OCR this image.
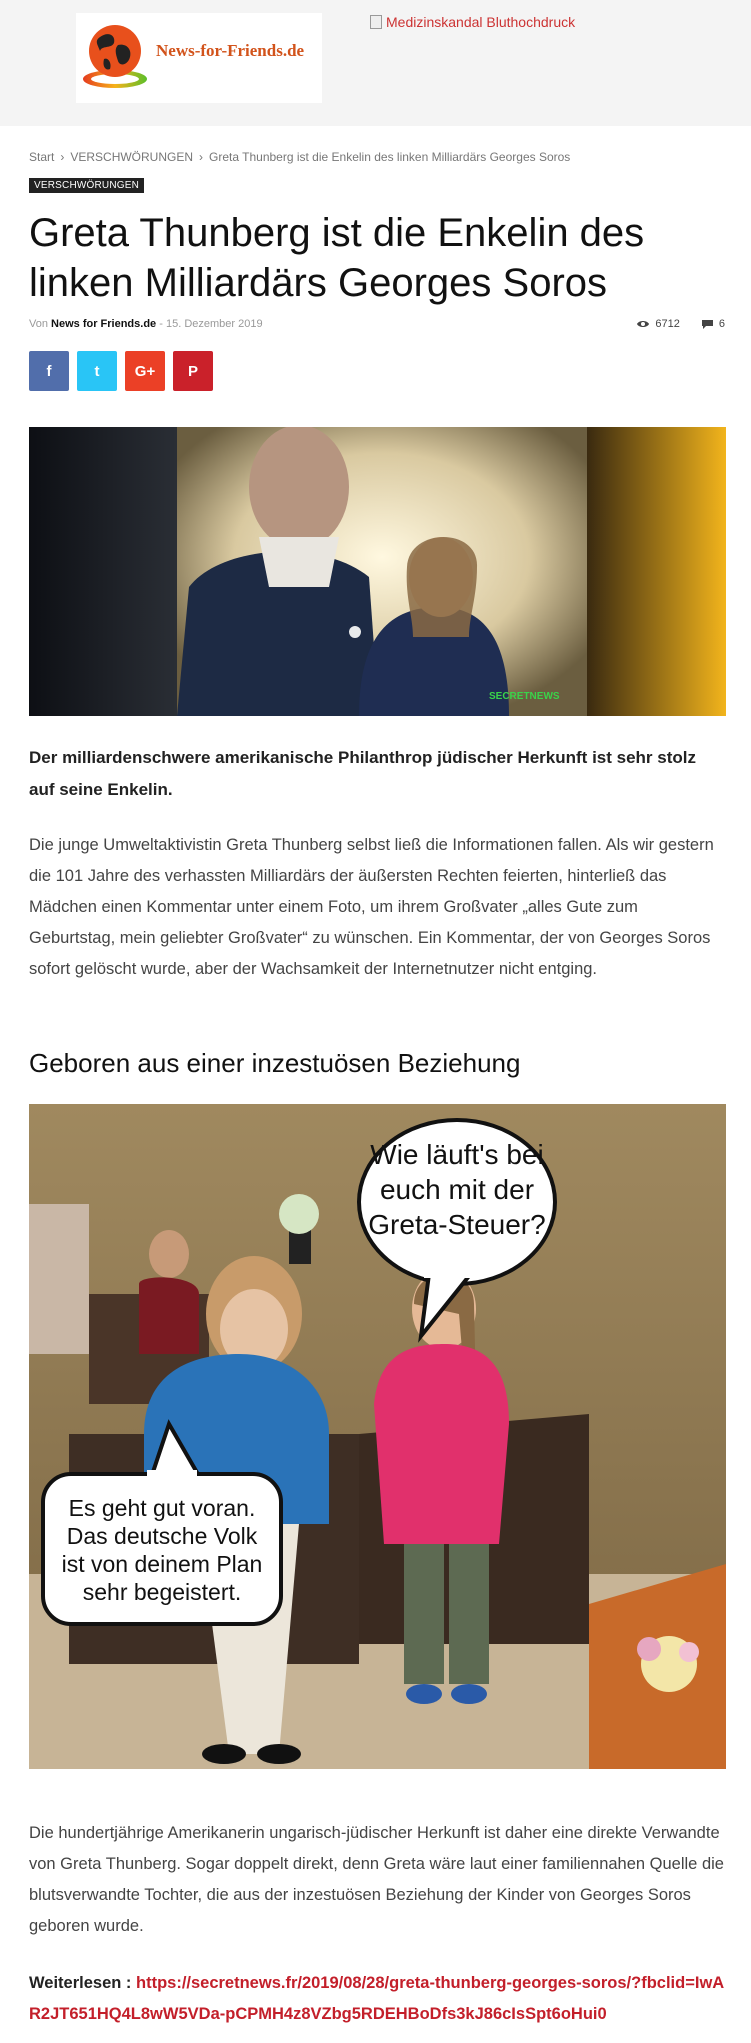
News-for-Friends.de
Medizinskandal Bluthochdruck
Start › VERSCHWÖRUNGEN › Greta Thunberg ist die Enkelin des linken Milliardärs Georges Soros
VERSCHWÖRUNGEN
Greta Thunberg ist die Enkelin des linken Milliardärs Georges Soros
Von News for Friends.de - 15. Dezember 2019	6712	6
f	t G+ P
SECRETNEWS

Der milliardenschwere amerikanische Philanthrop jüdischer Herkunft ist sehr stolz auf seine Enkelin.

Die junge Umweltaktivistin Greta Thunberg selbst ließ die Informationen fallen. Als wir gestern die 101 Jahre des verhassten Milliardärs der äußersten Rechten feierten, hinterließ das Mädchen einen Kommentar unter einem Foto, um ihrem Großvater „alles Gute zum Geburtstag, mein geliebter Großvater“ zu wünschen. Ein Kommentar, der von Georges Soros sofort gelöscht wurde, aber der Wachsamkeit der Internetnutzer nicht entging.

Geboren aus einer inzestuösen Beziehung
Wie läuft's bei
euch mit der
Greta-Steuer?
Es geht gut voran.
Das deutsche Volk
ist von deinem Plan
sehr begeistert.

Die hundertjährige Amerikanerin ungarisch-jüdischer Herkunft ist daher eine direkte Verwandte von Greta Thunberg. Sogar doppelt direkt, denn Greta wäre laut einer familiennahen Quelle die blutsverwandte Tochter, die aus der inzestuösen Beziehung der Kinder von Georges Soros geboren wurde.

Weiterlesen : https://secretnews.fr/2019/08/28/greta-thunberg-georges-soros/?fbclid=IwAR2JT651HQ4L8wW5VDa-pCPMH4z8VZbg5RDEHBoDfs3kJ86cIsSpt6oHui0
